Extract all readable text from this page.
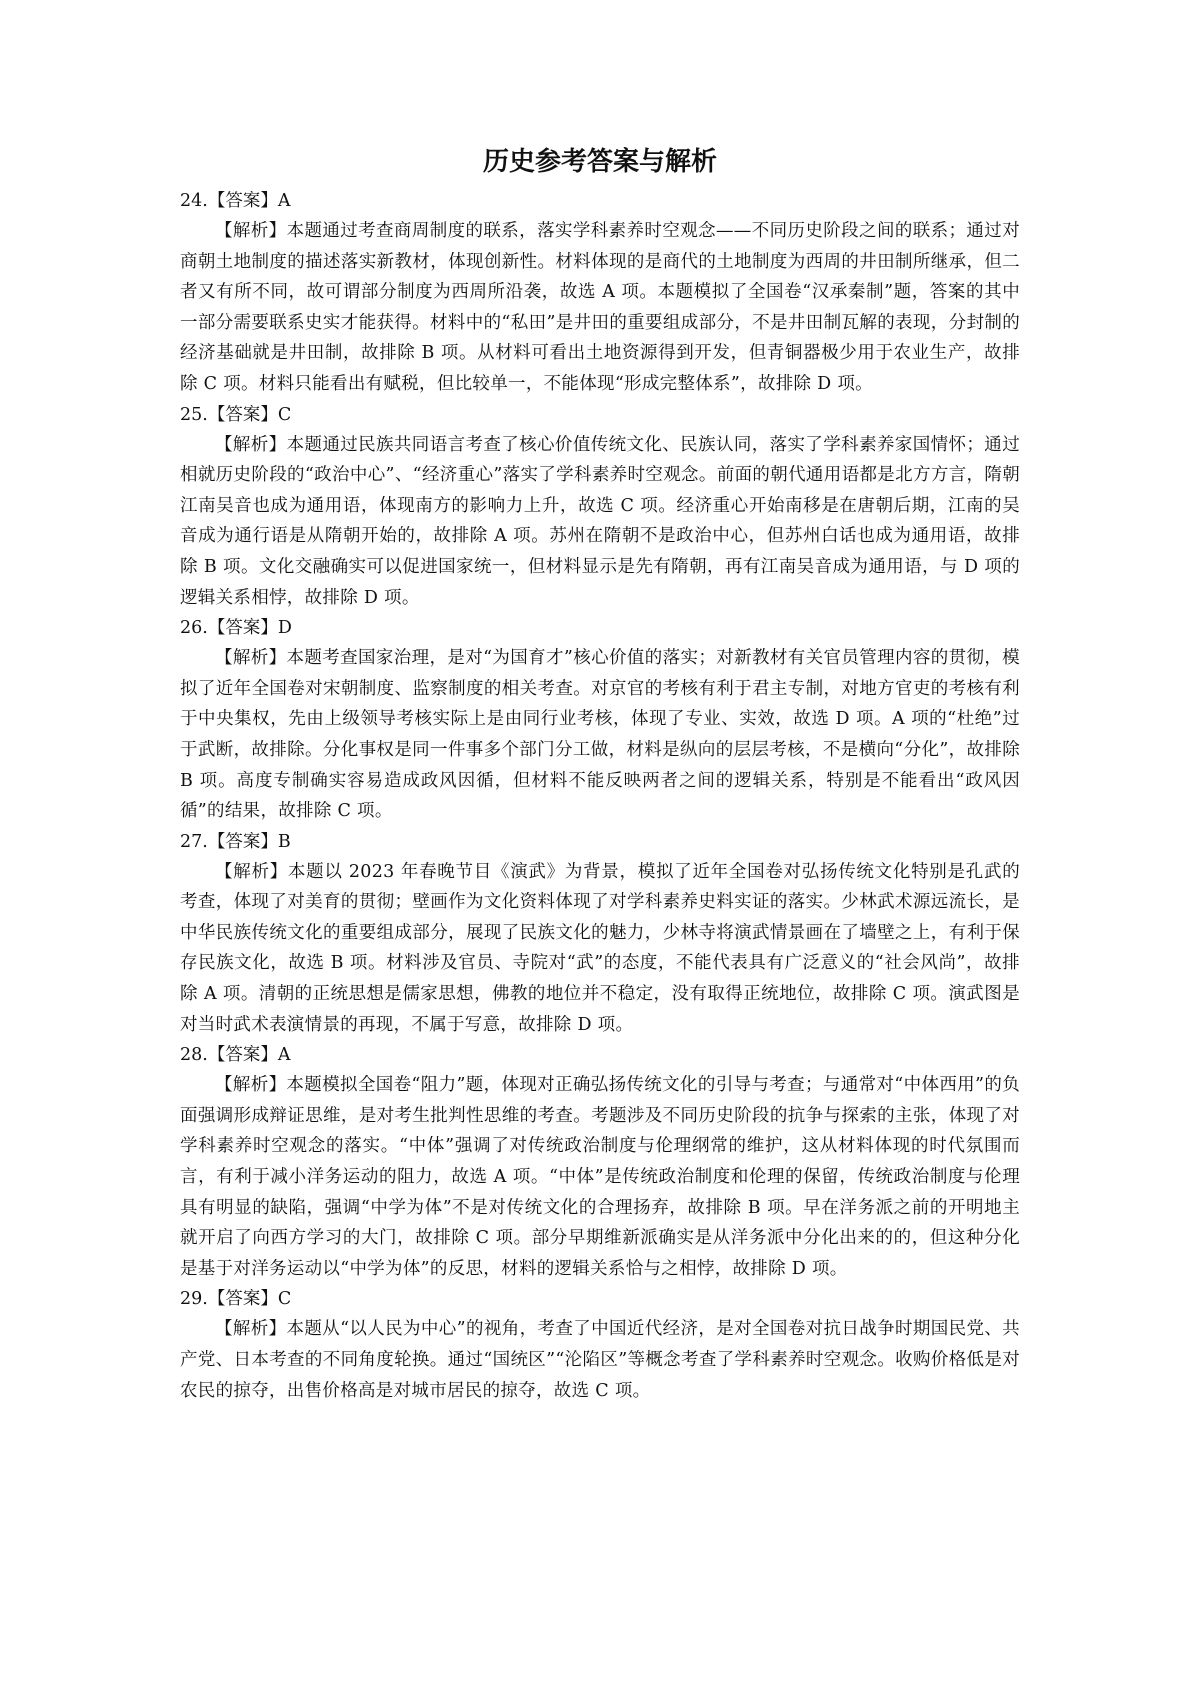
历史参考答案与解析

24.【答案】A

【解析】本题通过考查商周制度的联系，落实学科素养时空观念——不同历史阶段之间的联系；通过对商朝土地制度的描述落实新教材，体现创新性。材料体现的是商代的土地制度为西周的井田制所继承，但二者又有所不同，故可谓部分制度为西周所沿袭，故选 A 项。本题模拟了全国卷“汉承秦制”题，答案的其中一部分需要联系史实才能获得。材料中的“私田”是井田的重要组成部分，不是井田制瓦解的表现，分封制的经济基础就是井田制，故排除 B 项。从材料可看出土地资源得到开发，但青铜器极少用于农业生产，故排除 C 项。材料只能看出有赋税，但比较单一，不能体现“形成完整体系”，故排除 D 项。

25.【答案】C

【解析】本题通过民族共同语言考查了核心价值传统文化、民族认同，落实了学科素养家国情怀；通过相就历史阶段的“政治中心”、“经济重心”落实了学科素养时空观念。前面的朝代通用语都是北方方言，隋朝江南吴音也成为通用语，体现南方的影响力上升，故选 C 项。经济重心开始南移是在唐朝后期，江南的吴音成为通行语是从隋朝开始的，故排除 A 项。苏州在隋朝不是政治中心，但苏州白话也成为通用语，故排除 B 项。文化交融确实可以促进国家统一，但材料显示是先有隋朝，再有江南吴音成为通用语，与 D 项的逻辑关系相悖，故排除 D 项。

26.【答案】D

【解析】本题考查国家治理，是对“为国育才”核心价值的落实；对新教材有关官员管理内容的贯彻，模拟了近年全国卷对宋朝制度、监察制度的相关考查。对京官的考核有利于君主专制，对地方官吏的考核有利于中央集权，先由上级领导考核实际上是由同行业考核，体现了专业、实效，故选 D 项。A 项的“杜绝”过于武断，故排除。分化事权是同一件事多个部门分工做，材料是纵向的层层考核，不是横向“分化”，故排除 B 项。高度专制确实容易造成政风因循，但材料不能反映两者之间的逻辑关系，特别是不能看出“政风因循”的结果，故排除 C 项。

27.【答案】B

【解析】本题以 2023 年春晚节目《演武》为背景，模拟了近年全国卷对弘扬传统文化特别是孔武的考查，体现了对美育的贯彻；壁画作为文化资料体现了对学科素养史料实证的落实。少林武术源远流长，是中华民族传统文化的重要组成部分，展现了民族文化的魅力，少林寺将演武情景画在了墙壁之上，有利于保存民族文化，故选 B 项。材料涉及官员、寺院对“武”的态度，不能代表具有广泛意义的“社会风尚”，故排除 A 项。清朝的正统思想是儒家思想，佛教的地位并不稳定，没有取得正统地位，故排除 C 项。演武图是对当时武术表演情景的再现，不属于写意，故排除 D 项。

28.【答案】A

【解析】本题模拟全国卷“阻力”题，体现对正确弘扬传统文化的引导与考查；与通常对“中体西用”的负面强调形成辩证思维，是对考生批判性思维的考查。考题涉及不同历史阶段的抗争与探索的主张，体现了对学科素养时空观念的落实。“中体”强调了对传统政治制度与伦理纲常的维护，这从材料体现的时代氛围而言，有利于减小洋务运动的阻力，故选 A 项。“中体”是传统政治制度和伦理的保留，传统政治制度与伦理具有明显的缺陷，强调“中学为体”不是对传统文化的合理扬弃，故排除 B 项。早在洋务派之前的开明地主就开启了向西方学习的大门，故排除 C 项。部分早期维新派确实是从洋务派中分化出来的的，但这种分化是基于对洋务运动以“中学为体”的反思，材料的逻辑关系恰与之相悖，故排除 D 项。

29.【答案】C

【解析】本题从“以人民为中心”的视角，考查了中国近代经济，是对全国卷对抗日战争时期国民党、共产党、日本考查的不同角度轮换。通过“国统区”“沦陷区”等概念考查了学科素养时空观念。收购价格低是对农民的掠夺，出售价格高是对城市居民的掠夺，故选 C 项。
